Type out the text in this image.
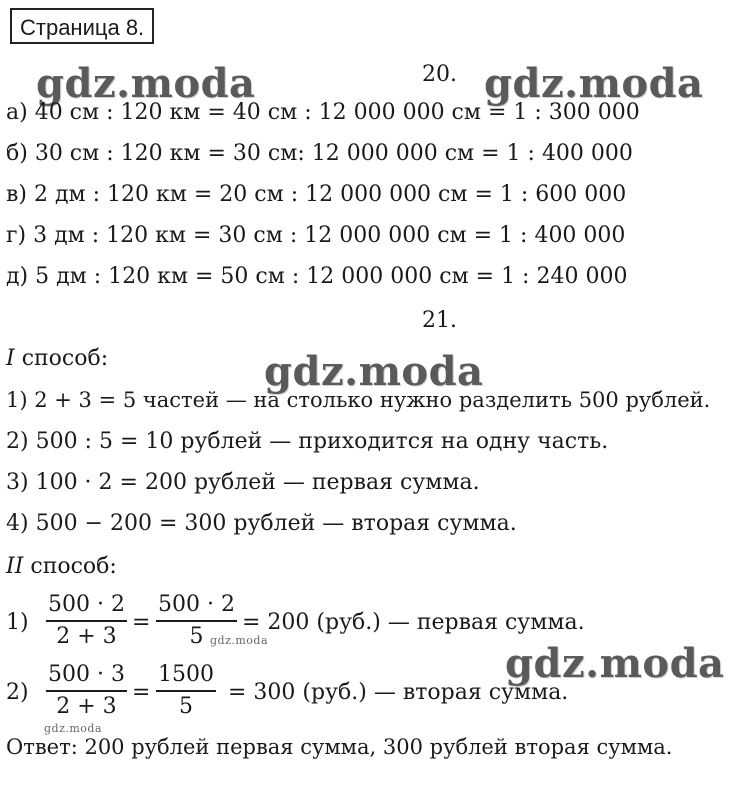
Страница 8.
gdz.moda	gdz.moda
gdz.moda
gdz.moda
gdz.moda
gdz.moda
20.
а) 40 см : 120 км = 40 см : 12 000 000 см = 1 : 300 000
б) 30 см : 120 км = 30 см: 12 000 000 см = 1 : 400 000
в) 2 дм : 120 км = 20 см : 12 000 000 см = 1 : 600 000
г) 3 дм : 120 км = 30 см : 12 000 000 см = 1 : 400 000
д) 5 дм : 120 км = 50 см : 12 000 000 см = 1 : 240 000
21.
I способ:
1) 2 + 3 = 5 частей — на столько нужно разделить 500 рублей.
2) 500 : 5 = 10 рублей — приходится на одну часть.
3) 100 · 2 = 200 рублей — первая сумма.
4) 500 − 200 = 300 рублей — вторая сумма.
II способ:
$1) \frac{500 \cdot 2}{2 + 3} = \frac{500 \cdot 2}{5} = 200$ (руб.) — первая сумма.
$2) \frac{500 \cdot 3}{2 + 3} = \frac{1500}{5} = 300$ (руб.) — вторая сумма.
Ответ: 200 рублей первая сумма, 300 рублей вторая сумма.
